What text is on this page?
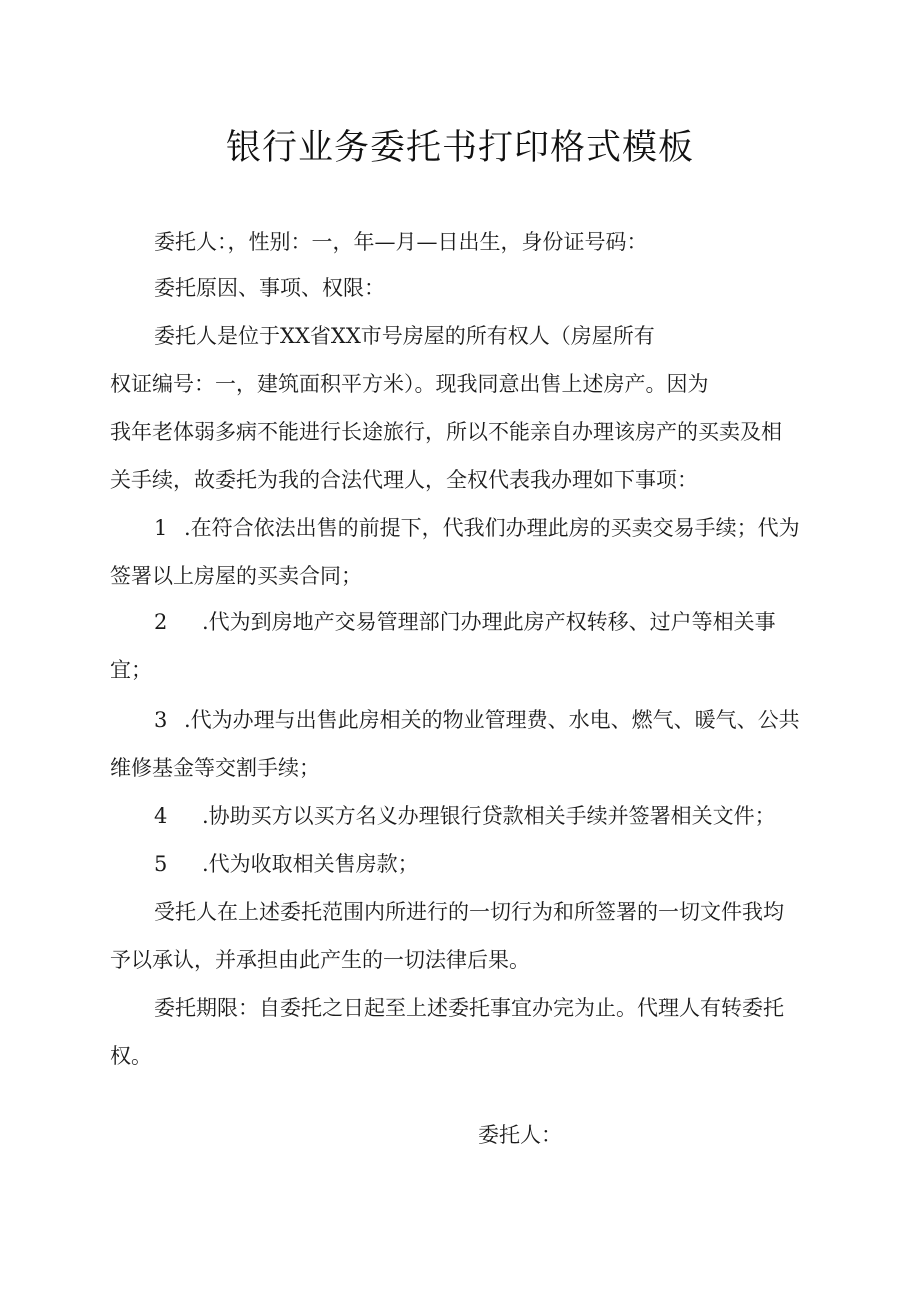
银行业务委托书打印格式模板
委托人：，性别：一，年—月—日出生，身份证号码：
委托原因、事项、权限：
委托人是位于XX省XX市号房屋的所有权人（房屋所有
权证编号：一，建筑面积平方米）。现我同意出售上述房产。因为
我年老体弱多病不能进行长途旅行，所以不能亲自办理该房产的买卖及相
关手续，故委托为我的合法代理人，全权代表我办理如下事项：
1 .在符合依法出售的前提下，代我们办理此房的买卖交易手续；代为
签署以上房屋的买卖合同；
2 .代为到房地产交易管理部门办理此房产权转移、过户等相关事
宜；
3 .代为办理与出售此房相关的物业管理费、水电、燃气、暖气、公共
维修基金等交割手续；
4 .协助买方以买方名义办理银行贷款相关手续并签署相关文件；
5 .代为收取相关售房款；
受托人在上述委托范围内所进行的一切行为和所签署的一切文件我均
予以承认，并承担由此产生的一切法律后果。
委托期限：自委托之日起至上述委托事宜办完为止。代理人有转委托
权。
委托人：
